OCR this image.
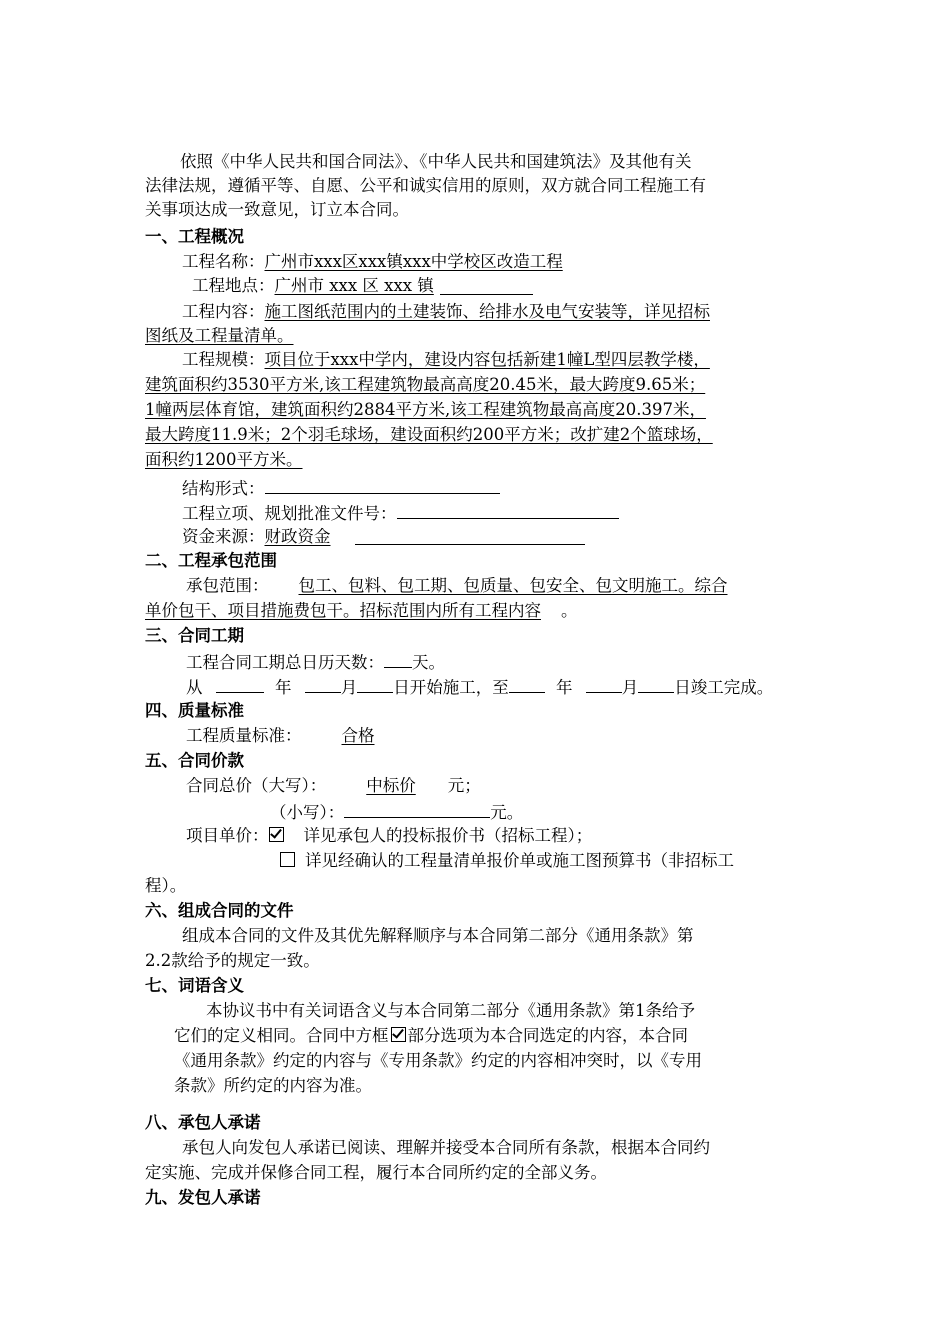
依照《中华人民共和国合同法》、《中华人民共和国建筑法》及其他有关
法律法规，遵循平等、自愿、公平和诚实信用的原则，双方就合同工程施工有
关事项达成一致意见，订立本合同。
一、工程概况
工程名称：广州市xxx区xxx镇xxx中学校区改造工程
工程地点：广州市 xxx 区 xxx 镇
工程内容：施工图纸范围内的土建装饰、给排水及电气安装等，详见招标
图纸及工程量清单。
工程规模：项目位于xxx中学内，建设内容包括新建1幢L型四层教学楼，
建筑面积约3530平方米,该工程建筑物最高高度20.45米，最大跨度9.65米；
1幢两层体育馆，建筑面积约2884平方米,该工程建筑物最高高度20.397米，
最大跨度11.9米；2个羽毛球场，建设面积约200平方米；改扩建2个篮球场，
面积约1200平方米。
结构形式：
工程立项、规划批准文件号：
资金来源：财政资金
二、工程承包范围
承包范围： 包工、包料、包工期、包质量、包安全、包文明施工。综合
单价包干、项目措施费包干。招标范围内所有工程内容 。
三、合同工期
工程合同工期总日历天数： 天。
从	年	月 日开始施工，至	年	月 日竣工完成。
四、质量标准
工程质量标准： 合格
五、合同价款
合同总价（大写）： 中标价 元；
（小写）：	元。
项目单价： 详见承包人的投标报价书（招标工程）；
详见经确认的工程量清单报价单或施工图预算书（非招标工
程）。
六、组成合同的文件
组成本合同的文件及其优先解释顺序与本合同第二部分《通用条款》第
2.2款给予的规定一致。
七、词语含义
本协议书中有关词语含义与本合同第二部分《通用条款》第1条给予
它们的定义相同。合同中方框 部分选项为本合同选定的内容，本合同
《通用条款》约定的内容与《专用条款》约定的内容相冲突时，以《专用
条款》所约定的内容为准。
八、承包人承诺
承包人向发包人承诺已阅读、理解并接受本合同所有条款，根据本合同约
定实施、完成并保修合同工程，履行本合同所约定的全部义务。
九、发包人承诺
